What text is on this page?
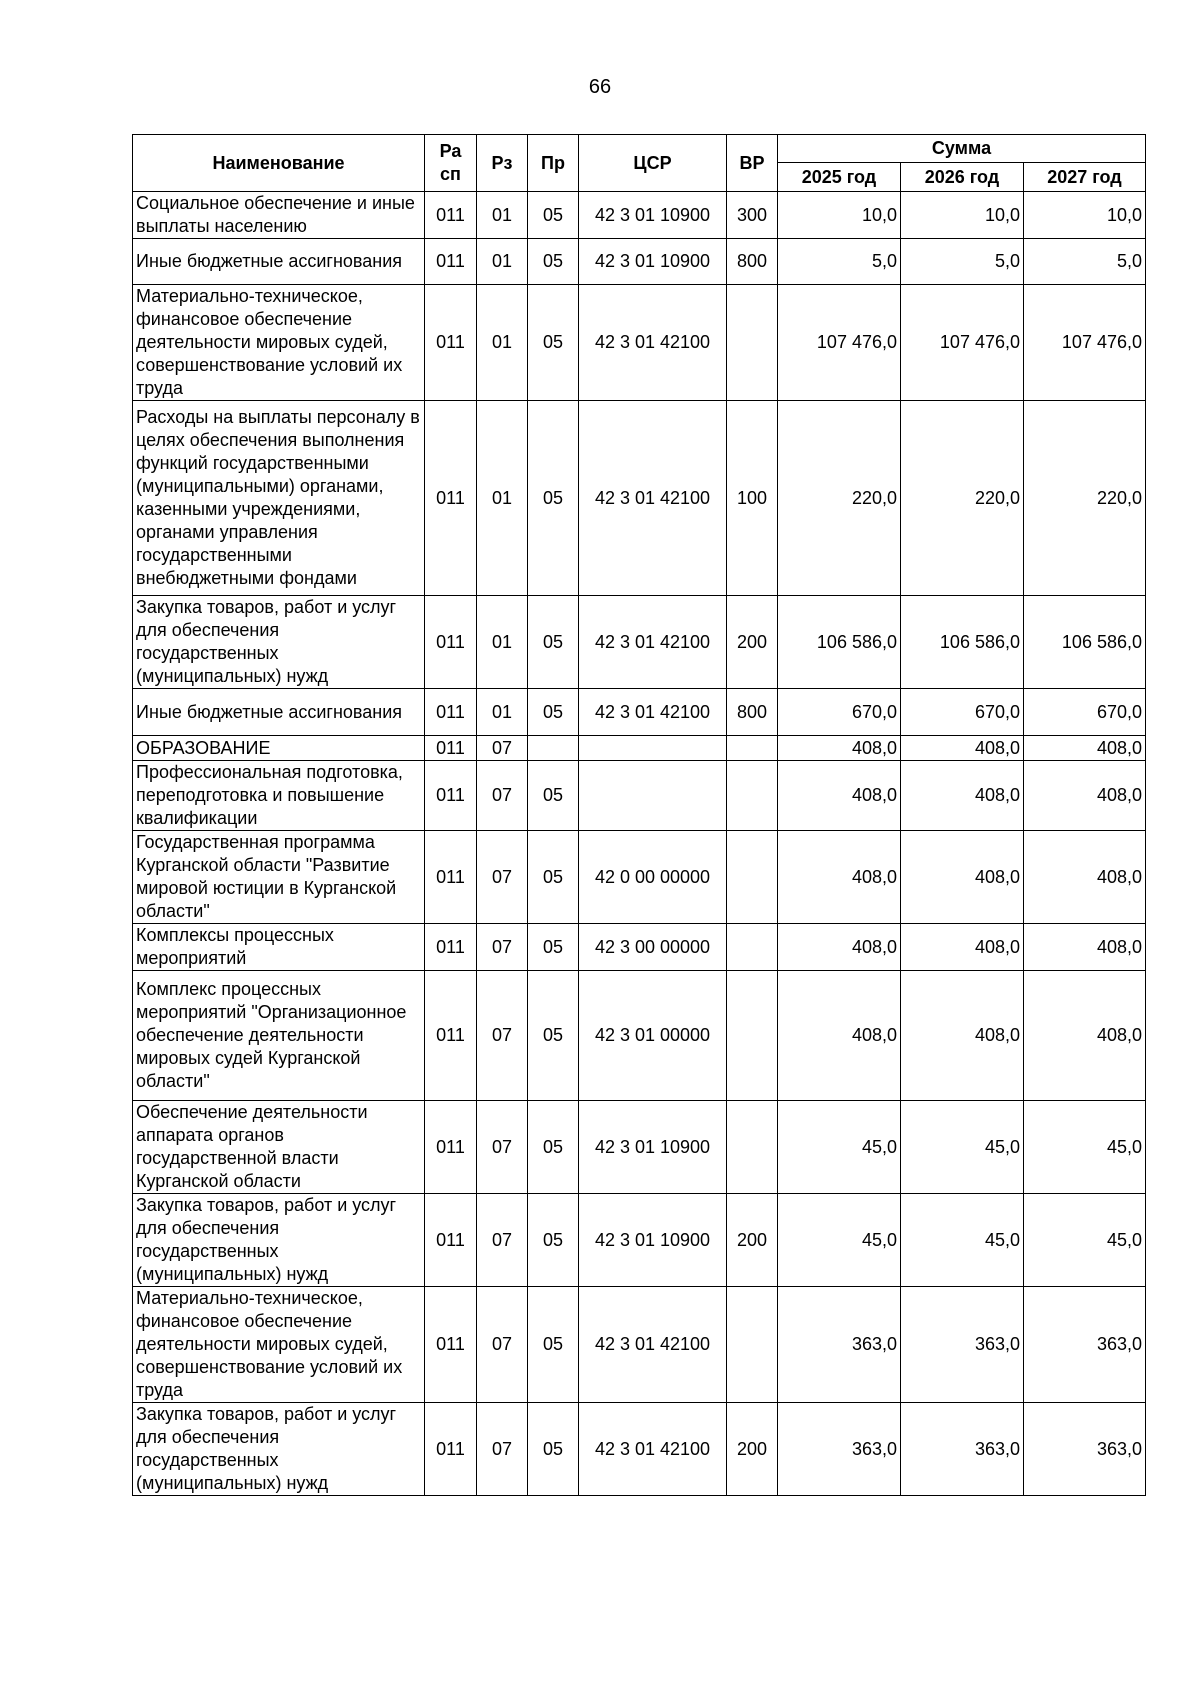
66
Наименование	Ра сп	Рз	Пр	ЦСР	ВР	Сумма		
						2025 год	2026 год	2027 год
Социальное обеспечение и иные выплаты населению	011	01	05	42 3 01 10900	300	10,0	10,0	10,0
Иные бюджетные ассигнования	011	01	05	42 3 01 10900	800	5,0	5,0	5,0
Материально-техническое, финансовое обеспечение деятельности мировых судей, совершенствование условий их труда	011	01	05	42 3 01 42100		107 476,0	107 476,0	107 476,0
Расходы на выплаты персоналу в целях обеспечения выполнения функций государственными (муниципальными) органами, казенными учреждениями, органами управления государственными внебюджетными фондами	011	01	05	42 3 01 42100	100	220,0	220,0	220,0
Закупка товаров, работ и услуг для обеспечения государственных (муниципальных) нужд	011	01	05	42 3 01 42100	200	106 586,0	106 586,0	106 586,0
Иные бюджетные ассигнования	011	01	05	42 3 01 42100	800	670,0	670,0	670,0
ОБРАЗОВАНИЕ	011	07				408,0	408,0	408,0
Профессиональная подготовка, переподготовка и повышение квалификации	011	07	05			408,0	408,0	408,0
Государственная программа Курганской области "Развитие мировой юстиции в Курганской области"	011	07	05	42 0 00 00000		408,0	408,0	408,0
Комплексы процессных мероприятий	011	07	05	42 3 00 00000		408,0	408,0	408,0
Комплекс процессных мероприятий "Организационное обеспечение деятельности мировых судей Курганской области"	011	07	05	42 3 01 00000		408,0	408,0	408,0
Обеспечение деятельности аппарата органов государственной власти Курганской области	011	07	05	42 3 01 10900		45,0	45,0	45,0
Закупка товаров, работ и услуг для обеспечения государственных (муниципальных) нужд	011	07	05	42 3 01 10900	200	45,0	45,0	45,0
Материально-техническое, финансовое обеспечение деятельности мировых судей, совершенствование условий их труда	011	07	05	42 3 01 42100		363,0	363,0	363,0
Закупка товаров, работ и услуг для обеспечения государственных (муниципальных) нужд	011	07	05	42 3 01 42100	200	363,0	363,0	363,0
